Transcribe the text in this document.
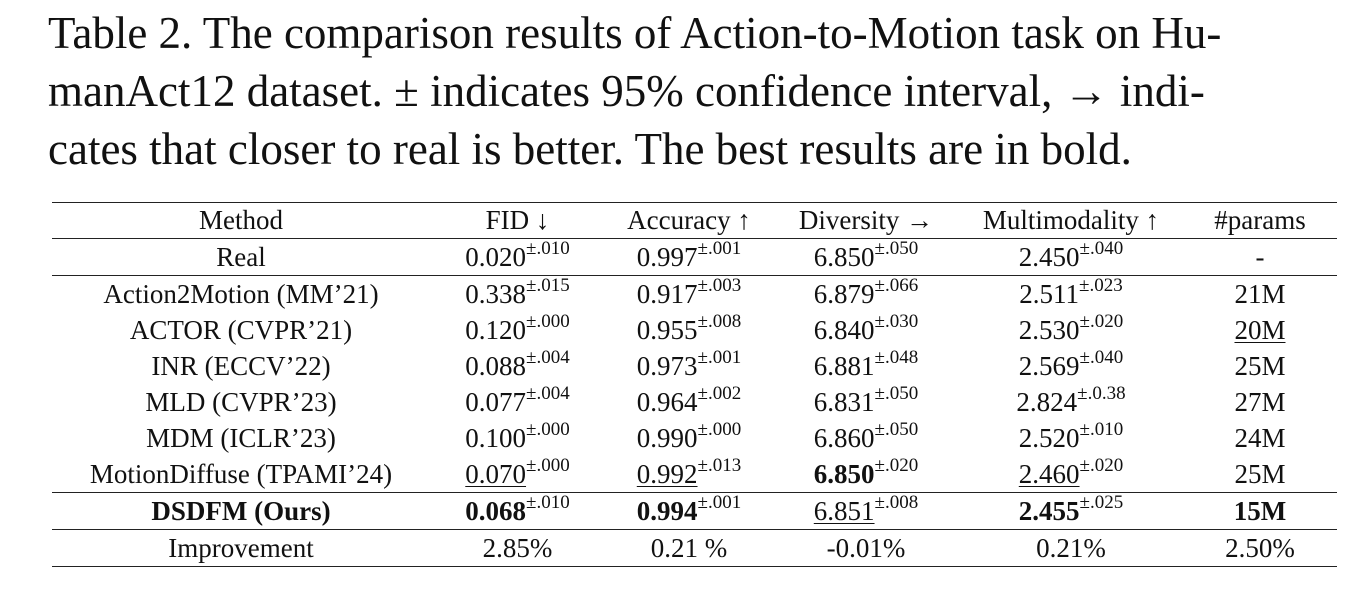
Table 2. The comparison results of Action-to-Motion task on Hu-
manAct12 dataset. ± indicates 95% confidence interval, → indi-
cates that closer to real is better. The best results are in bold.
Method	FID ↓	Accuracy ↑	Diversity →	Multimodality ↑	#params
Real	$0.020^{\pm.010}$	$0.997^{\pm.001}$	$6.850^{\pm.050}$	$2.450^{\pm.040}$	-
Action2Motion (MM’21)	$0.338^{\pm.015}$	$0.917^{\pm.003}$	$6.879^{\pm.066}$	$2.511^{\pm.023}$	21M
ACTOR (CVPR’21)	$0.120^{\pm.000}$	$0.955^{\pm.008}$	$6.840^{\pm.030}$	$2.530^{\pm.020}$	20M
INR (ECCV’22)	$0.088^{\pm.004}$	$0.973^{\pm.001}$	$6.881^{\pm.048}$	$2.569^{\pm.040}$	25M
MLD (CVPR’23)	$0.077^{\pm.004}$	$0.964^{\pm.002}$	$6.831^{\pm.050}$	$2.824^{\pm.0.38}$	27M
MDM (ICLR’23)	$0.100^{\pm.000}$	$0.990^{\pm.000}$	$6.860^{\pm.050}$	$2.520^{\pm.010}$	24M
MotionDiffuse (TPAMI’24)	$0.070^{\pm.000}$	$0.992^{\pm.013}$	$6.850^{\pm.020}$	$2.460^{\pm.020}$	25M
DSDFM (Ours)	$0.068^{\pm.010}$	$0.994^{\pm.001}$	$6.851^{\pm.008}$	$2.455^{\pm.025}$	15M
Improvement	2.85%	0.21 %	-0.01%	0.21%	2.50%
